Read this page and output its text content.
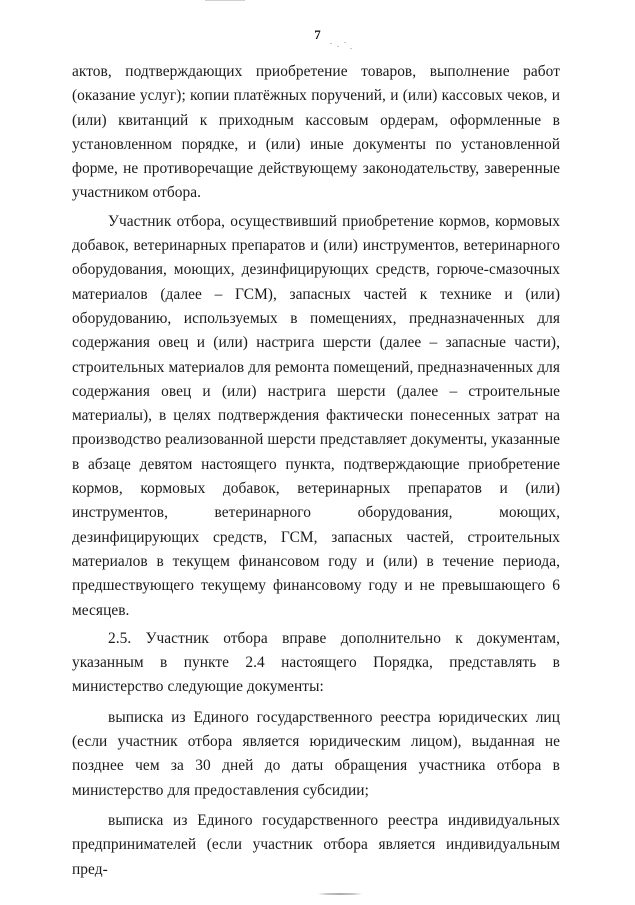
7

актов, подтверждающих приобретение товаров, выполнение работ (оказание услуг); копии платёжных поручений, и (или) кассовых чеков, и (или) квитанций к приходным кассовым ордерам, оформленные в установленном порядке, и (или) иные документы по установленной форме, не противоречащие действующему законодательству, заверенные участником отбора.

Участник отбора, осуществивший приобретение кормов, кормовых добавок, ветеринарных препаратов и (или) инструментов, ветеринарного оборудования, моющих, дезинфицирующих средств, горюче-смазочных материалов (далее – ГСМ), запасных частей к технике и (или) оборудованию, используемых в помещениях, предназначенных для содержания овец и (или) настрига шерсти (далее – запасные части), строительных материалов для ремонта помещений, предназначенных для содержания овец и (или) настрига шерсти (далее – строительные материалы), в целях подтверждения фактически понесенных затрат на производство реализованной шерсти представляет документы, указанные в абзаце девятом настоящего пункта, подтверждающие приобретение кормов, кормовых добавок, ветеринарных препаратов и (или) инструментов, ветеринарного оборудования, моющих, дезинфицирующих средств, ГСМ, запасных частей, строительных материалов в текущем финансовом году и (или) в течение периода, предшествующего текущему финансовому году и не превышающего 6 месяцев.

2.5. Участник отбора вправе дополнительно к документам, указанным в пункте 2.4 настоящего Порядка, представлять в министерство следующие документы:

выписка из Единого государственного реестра юридических лиц (если участник отбора является юридическим лицом), выданная не позднее чем за 30 дней до даты обращения участника отбора в министерство для предоставления субсидии;

выписка из Единого государственного реестра индивидуальных предпринимателей (если участник отбора является индивидуальным пред-
